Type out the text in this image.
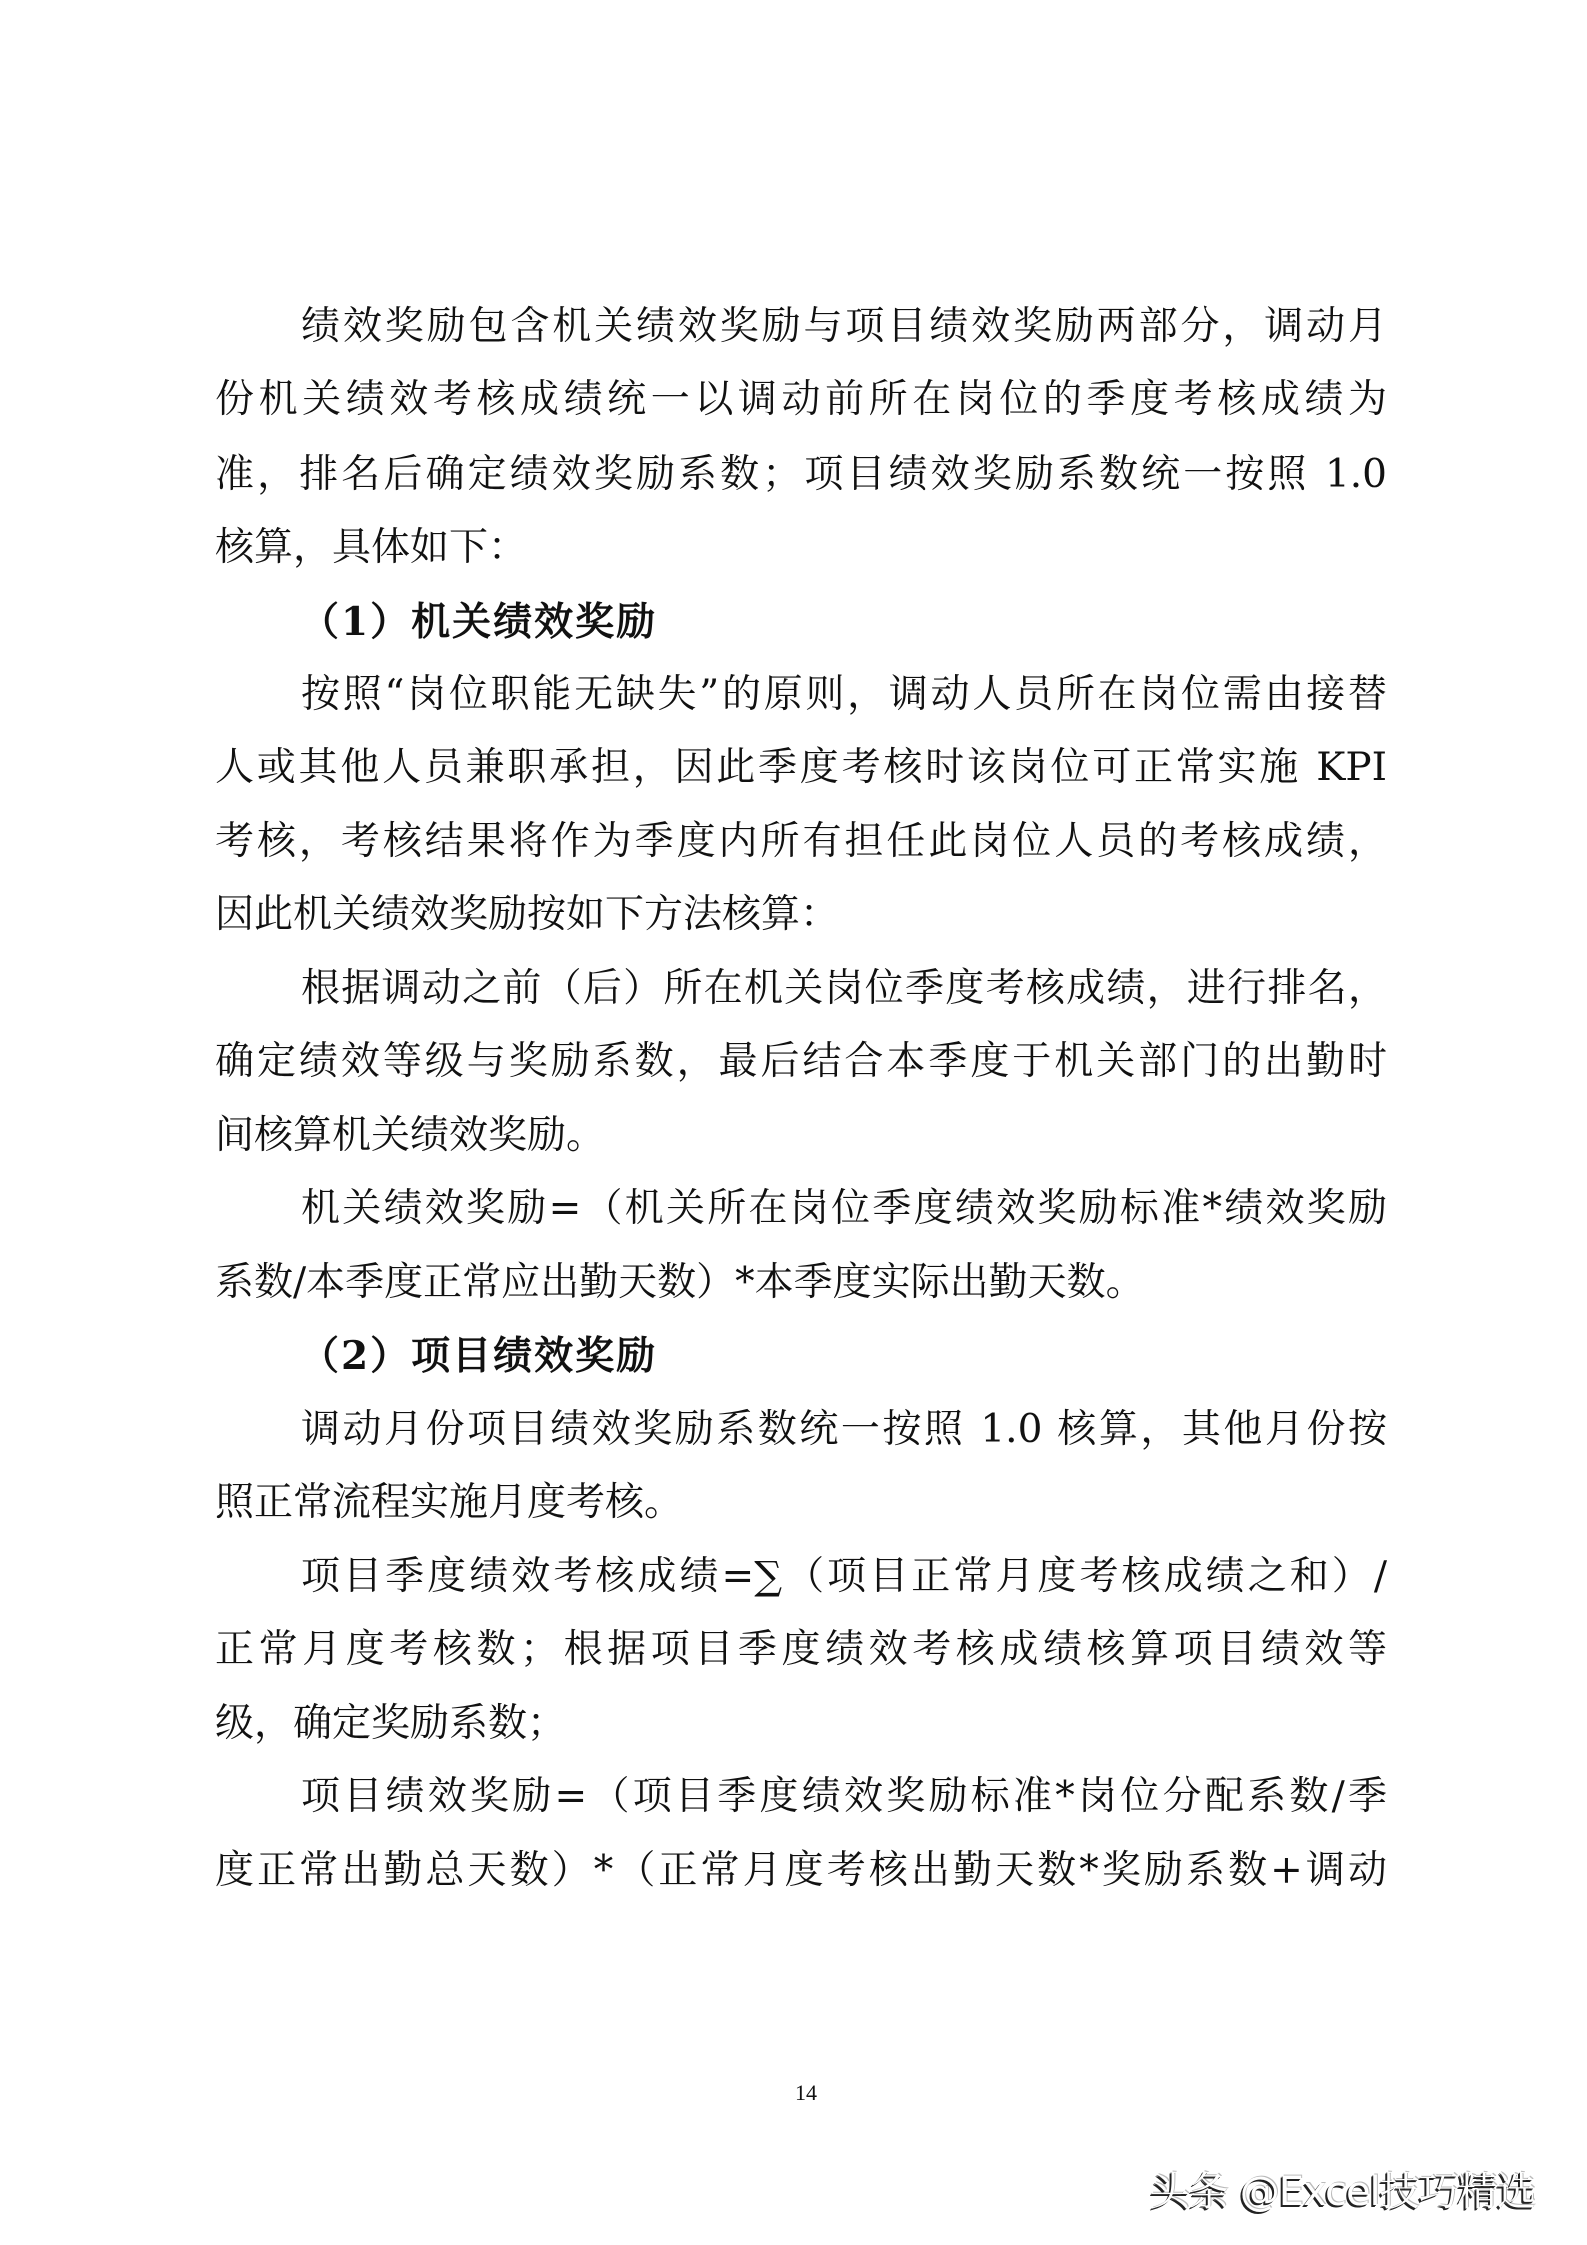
绩效奖励包含机关绩效奖励与项目绩效奖励两部分，调动月
份机关绩效考核成绩统一以调动前所在岗位的季度考核成绩为
准，排名后确定绩效奖励系数；项目绩效奖励系数统一按照 1.0
核算，具体如下：
（1）机关绩效奖励
按照“岗位职能无缺失”的原则，调动人员所在岗位需由接替
人或其他人员兼职承担，因此季度考核时该岗位可正常实施 KPI
考核，考核结果将作为季度内所有担任此岗位人员的考核成绩，
因此机关绩效奖励按如下方法核算：
根据调动之前（后）所在机关岗位季度考核成绩，进行排名，
确定绩效等级与奖励系数，最后结合本季度于机关部门的出勤时
间核算机关绩效奖励。
机关绩效奖励=（机关所在岗位季度绩效奖励标准*绩效奖励
系数/本季度正常应出勤天数）*本季度实际出勤天数。
（2）项目绩效奖励
调动月份项目绩效奖励系数统一按照 1.0 核算，其他月份按
照正常流程实施月度考核。
项目季度绩效考核成绩=∑（项目正常月度考核成绩之和）/
正常月度考核数；根据项目季度绩效考核成绩核算项目绩效等
级，确定奖励系数；
项目绩效奖励=（项目季度绩效奖励标准*岗位分配系数/季
度正常出勤总天数）*（正常月度考核出勤天数*奖励系数+调动
14
头条 @Excel技巧精选
